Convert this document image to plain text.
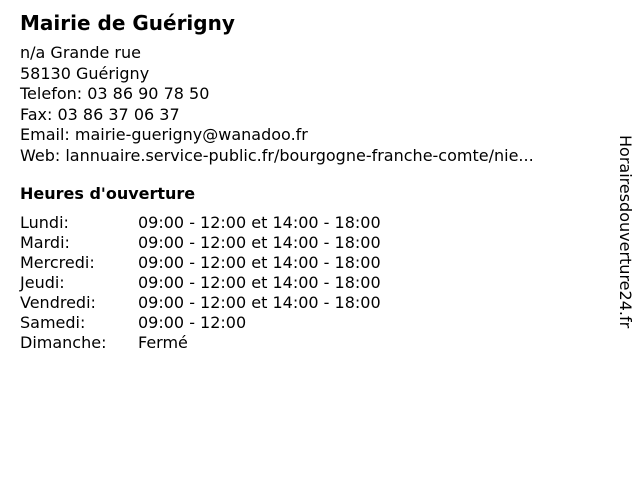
Mairie de Guérigny
n/a Grande rue
58130 Guérigny
Telefon: 03 86 90 78 50
Fax: 03 86 37 06 37
Email: mairie-guerigny@wanadoo.fr
Web: lannuaire.service-public.fr/bourgogne-franche-comte/nie...
Heures d'ouverture
Lundi:	09:00 - 12:00 et 14:00 - 18:00
Mardi:	09:00 - 12:00 et 14:00 - 18:00
Mercredi:	09:00 - 12:00 et 14:00 - 18:00
Jeudi:	09:00 - 12:00 et 14:00 - 18:00
Vendredi:	09:00 - 12:00 et 14:00 - 18:00
Samedi:	09:00 - 12:00
Dimanche:	Fermé
Horairesdouverture24.fr
